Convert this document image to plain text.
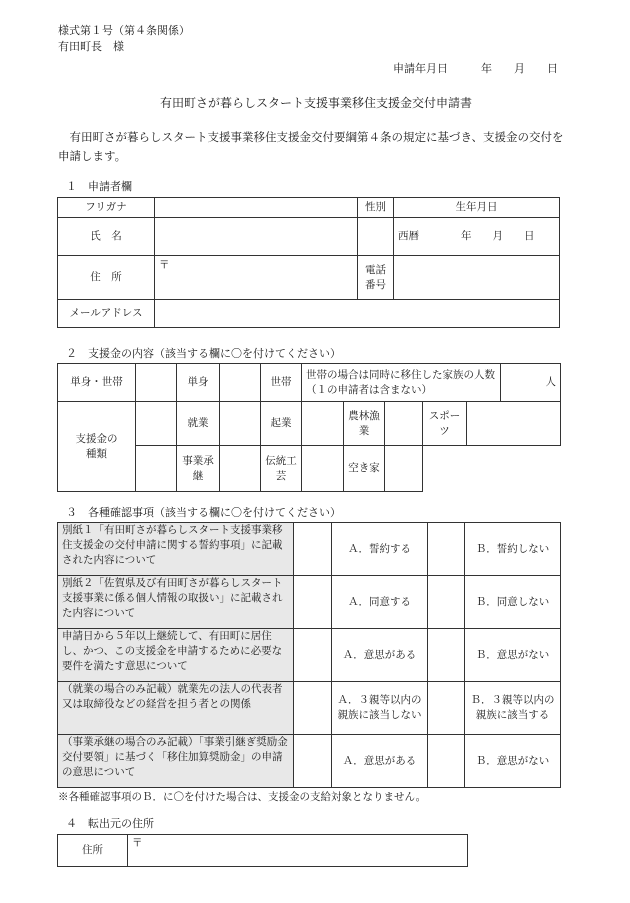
様式第１号（第４条関係）
有田町長　様
申請年月日　　　年　　月　　日
有田町さが暮らしスタート支援事業移住支援金交付申請書
有田町さが暮らしスタート支援事業移住支援金交付要綱第４条の規定に基づき、支援金の交付を申請します。
１　申請者欄
フリガナ		性別	生年月日
氏　名			西暦　　　　年　　月　　日
住　所	〒	電話番号	
メールアドレス			
２　支援金の内容（該当する欄に〇を付けてください）
単身・世帯		単身		世帯	世帯の場合は同時に移住した家族の人数（１の申請者は含まない）					人
支援金の種類		就業		起業		農林漁業		スポーツ		
		事業承継		伝統工芸		空き家				
３　各種確認事項（該当する欄に〇を付けてください）
別紙１「有田町さが暮らしスタート支援事業移住支援金の交付申請に関する誓約事項」に記載された内容について		Ａ．誓約する		Ｂ．誓約しない
別紙２「佐賀県及び有田町さが暮らしスタート支援事業に係る個人情報の取扱い」に記載された内容について		Ａ．同意する		Ｂ．同意しない
申請日から５年以上継続して、有田町に居住し、かつ、この支援金を申請するために必要な要件を満たす意思について		Ａ．意思がある		Ｂ．意思がない
（就業の場合のみ記載）就業先の法人の代表者又は取締役などの経営を担う者との関係		Ａ．３親等以内の親族に該当しない		Ｂ．３親等以内の親族に該当する
（事業承継の場合のみ記載）「事業引継ぎ奨励金交付要領」に基づく「移住加算奨励金」の申請の意思について		Ａ．意思がある		Ｂ．意思がない
※各種確認事項のＢ．に〇を付けた場合は、支援金の支給対象となりません。
４　転出元の住所
住所	〒
